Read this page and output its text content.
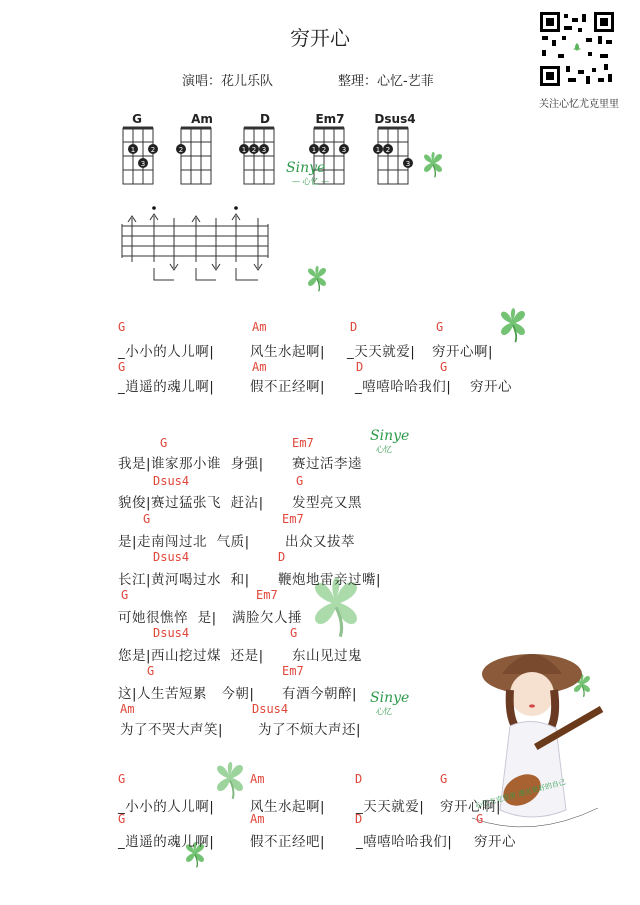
穷开心
演唱：花儿乐队	整理：心忆-艺菲
关注心忆尤克里里
1 2
3
2	1 2 3	1 2 3	1 2
3
G	Am	D	Em7	Dsus4
Sinye
— 心忆 —
Sinye
心忆
Sinye
心忆
心忆尤克里里 遇见更好的自己
G
_小小的人儿啊|
Am
风生水起啊|
D
_天天就爱|
G
穷开心啊|
G
_逍遥的魂儿啊|
Am
假不正经啊|
D
_嘻嘻哈哈我们|
G
穷开心
G
我是|谁家那小谁  身强|
Em7
赛过活李逵
Dsus4
貌俊|赛过猛张飞  赶沾|
G
发型亮又黑
G
是|走南闯过北  气质|
Em7
出众又拔萃
Dsus4
长江|黄河喝过水  和|
D
鞭炮地雷亲过嘴|
G
可她很憔悴  是|
Em7
满脸欠人捶
Dsus4
您是|西山挖过煤  还是|
G
东山见过鬼
G
这|人生苦短累   今朝|
Em7
有酒今朝醉|
Am
为了不哭大声笑|
Dsus4
为了不烦大声还|
G
_小小的人儿啊|
Am
风生水起啊|
D
_天天就爱|
G
穷开心啊|
G
_逍遥的魂儿啊|
Am
假不正经吧|
D
_嘻嘻哈哈我们|
G
穷开心
